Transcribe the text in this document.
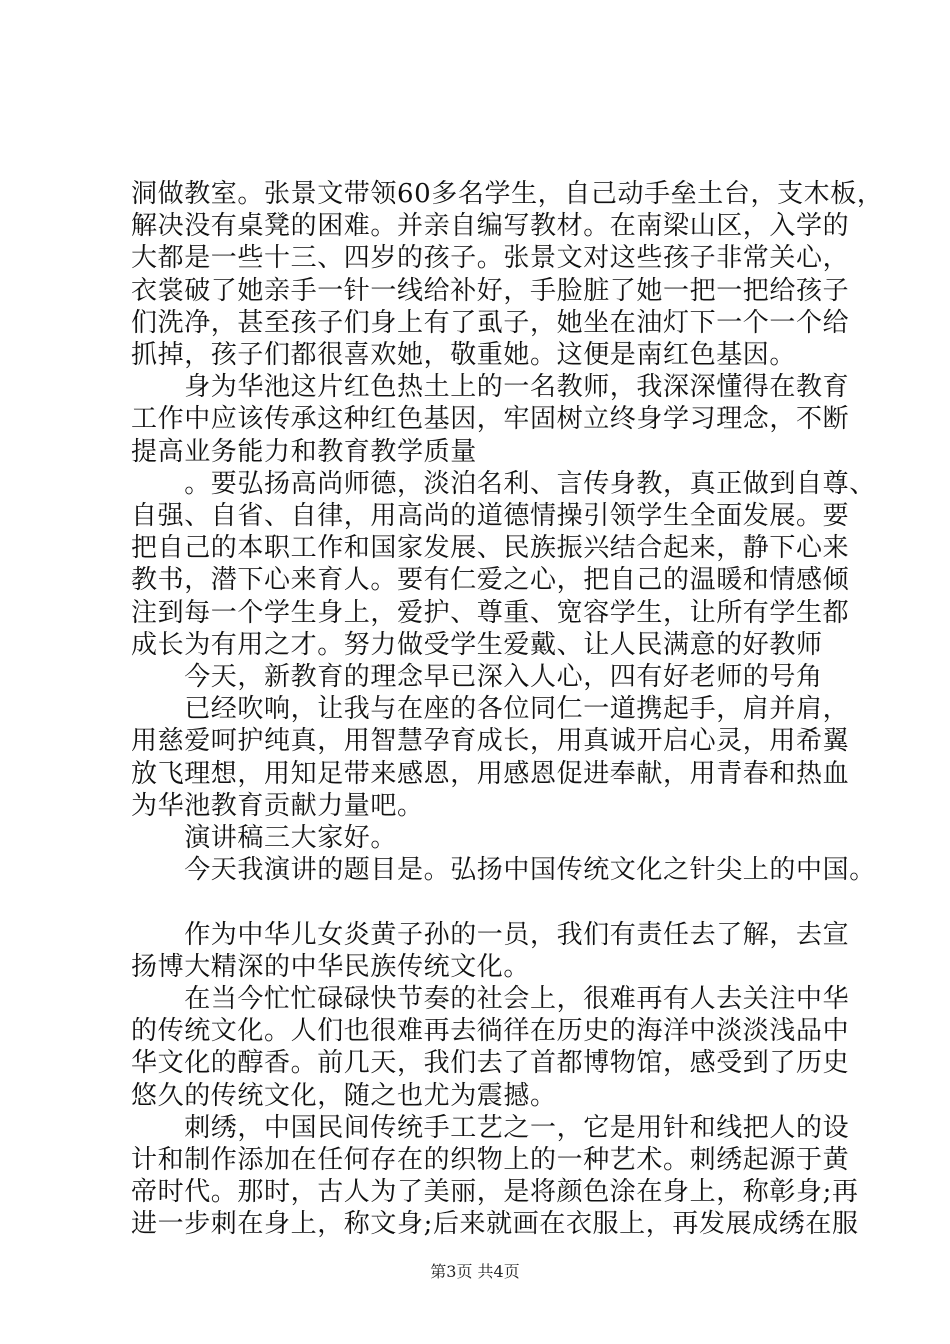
洞做教室。张景文带领60多名学生，自己动手垒土台，支木板，
解决没有桌凳的困难。并亲自编写教材。在南梁山区，入学的
大都是一些十三、四岁的孩子。张景文对这些孩子非常关心，
衣裳破了她亲手一针一线给补好，手脸脏了她一把一把给孩子
们洗净，甚至孩子们身上有了虱子，她坐在油灯下一个一个给
抓掉，孩子们都很喜欢她，敬重她。这便是南红色基因。
　　身为华池这片红色热土上的一名教师，我深深懂得在教育
工作中应该传承这种红色基因，牢固树立终身学习理念，不断
提高业务能力和教育教学质量
　　。要弘扬高尚师德，淡泊名利、言传身教，真正做到自尊、
自强、自省、自律，用高尚的道德情操引领学生全面发展。要
把自己的本职工作和国家发展、民族振兴结合起来，静下心来
教书，潜下心来育人。要有仁爱之心，把自己的温暖和情感倾
注到每一个学生身上，爱护、尊重、宽容学生，让所有学生都
成长为有用之才。努力做受学生爱戴、让人民满意的好教师
　　今天，新教育的理念早已深入人心，四有好老师的号角
　　已经吹响，让我与在座的各位同仁一道携起手，肩并肩，
用慈爱呵护纯真，用智慧孕育成长，用真诚开启心灵，用希翼
放飞理想，用知足带来感恩，用感恩促进奉献，用青春和热血
为华池教育贡献力量吧。
　　演讲稿三大家好。
　　今天我演讲的题目是。弘扬中国传统文化之针尖上的中国。
　　作为中华儿女炎黄子孙的一员，我们有责任去了解，去宣
扬博大精深的中华民族传统文化。
　　在当今忙忙碌碌快节奏的社会上，很难再有人去关注中华
的传统文化。人们也很难再去徜徉在历史的海洋中淡淡浅品中
华文化的醇香。前几天，我们去了首都博物馆，感受到了历史
悠久的传统文化，随之也尤为震撼。
　　刺绣，中国民间传统手工艺之一，它是用针和线把人的设
计和制作添加在任何存在的织物上的一种艺术。刺绣起源于黄
帝时代。那时，古人为了美丽，是将颜色涂在身上，称彰身;再
进一步刺在身上，称文身;后来就画在衣服上，再发展成绣在服
第3页 共4页
